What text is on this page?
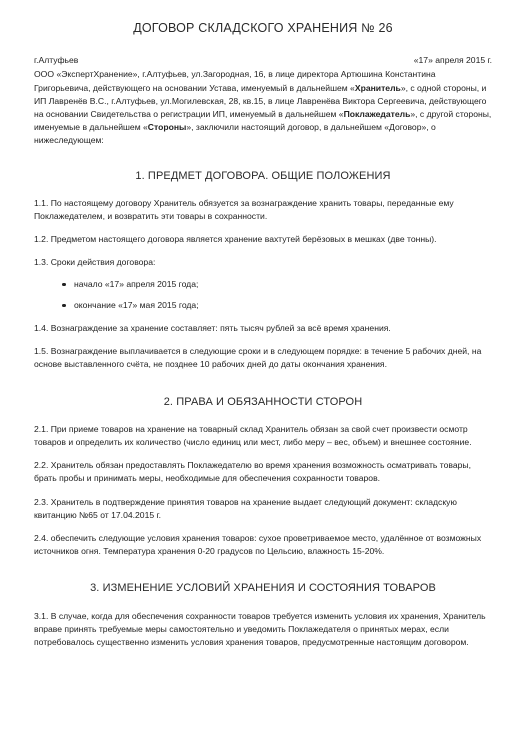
ДОГОВОР СКЛАДСКОГО ХРАНЕНИЯ № 26
г.Алтуфьев	«17» апреля 2015 г.

ООО «ЭкспертХранение», г.Алтуфьев, ул.Загородная, 16, в лице директора Артюшина Константина Григорьевича, действующего на основании Устава, именуемый в дальнейшем «Хранитель», с одной стороны, и ИП Лавренёв В.С., г.Алтуфьев, ул.Могилевская, 28, кв.15, в лице Лавренёва Виктора Сергеевича, действующего на основании Свидетельства о регистрации ИП, именуемый в дальнейшем «Поклажедатель», с другой стороны, именуемые в дальнейшем «Стороны», заключили настоящий договор, в дальнейшем «Договор», о нижеследующем:

1. ПРЕДМЕТ ДОГОВОРА. ОБЩИЕ ПОЛОЖЕНИЯ

1.1. По настоящему договору Хранитель обязуется за вознаграждение хранить товары, переданные ему Поклажедателем, и возвратить эти товары в сохранности.

1.2. Предметом настоящего договора является хранение вахтутей берёзовых в мешках (две тонны).

1.3. Сроки действия договора:

начало «17» апреля 2015 года;
окончание «17» мая 2015 года;

1.4. Вознаграждение за хранение составляет: пять тысяч рублей за всё время хранения.

1.5. Вознаграждение выплачивается в следующие сроки и в следующем порядке: в течение 5 рабочих дней, на основе выставленного счёта, не позднее 10 рабочих дней до даты окончания хранения.

2. ПРАВА И ОБЯЗАННОСТИ СТОРОН

2.1. При приеме товаров на хранение на товарный склад Хранитель обязан за свой счет произвести осмотр товаров и определить их количество (число единиц или мест, либо меру – вес, объем) и внешнее состояние.

2.2. Хранитель обязан предоставлять Поклажедателю во время хранения возможность осматривать товары, брать пробы и принимать меры, необходимые для обеспечения сохранности товаров.

2.3. Хранитель в подтверждение принятия товаров на хранение выдает следующий документ: складскую квитанцию №65 от 17.04.2015 г.

2.4. обеспечить следующие условия хранения товаров: сухое проветриваемое место, удалённое от возможных источников огня. Температура хранения 0-20 градусов по Цельсию, влажность 15-20%.

3. ИЗМЕНЕНИЕ УСЛОВИЙ ХРАНЕНИЯ И СОСТОЯНИЯ ТОВАРОВ

3.1. В случае, когда для обеспечения сохранности товаров требуется изменить условия их хранения, Хранитель вправе принять требуемые меры самостоятельно и уведомить Поклажедателя о принятых мерах, если потребовалось существенно изменить условия хранения товаров, предусмотренные настоящим договором.
